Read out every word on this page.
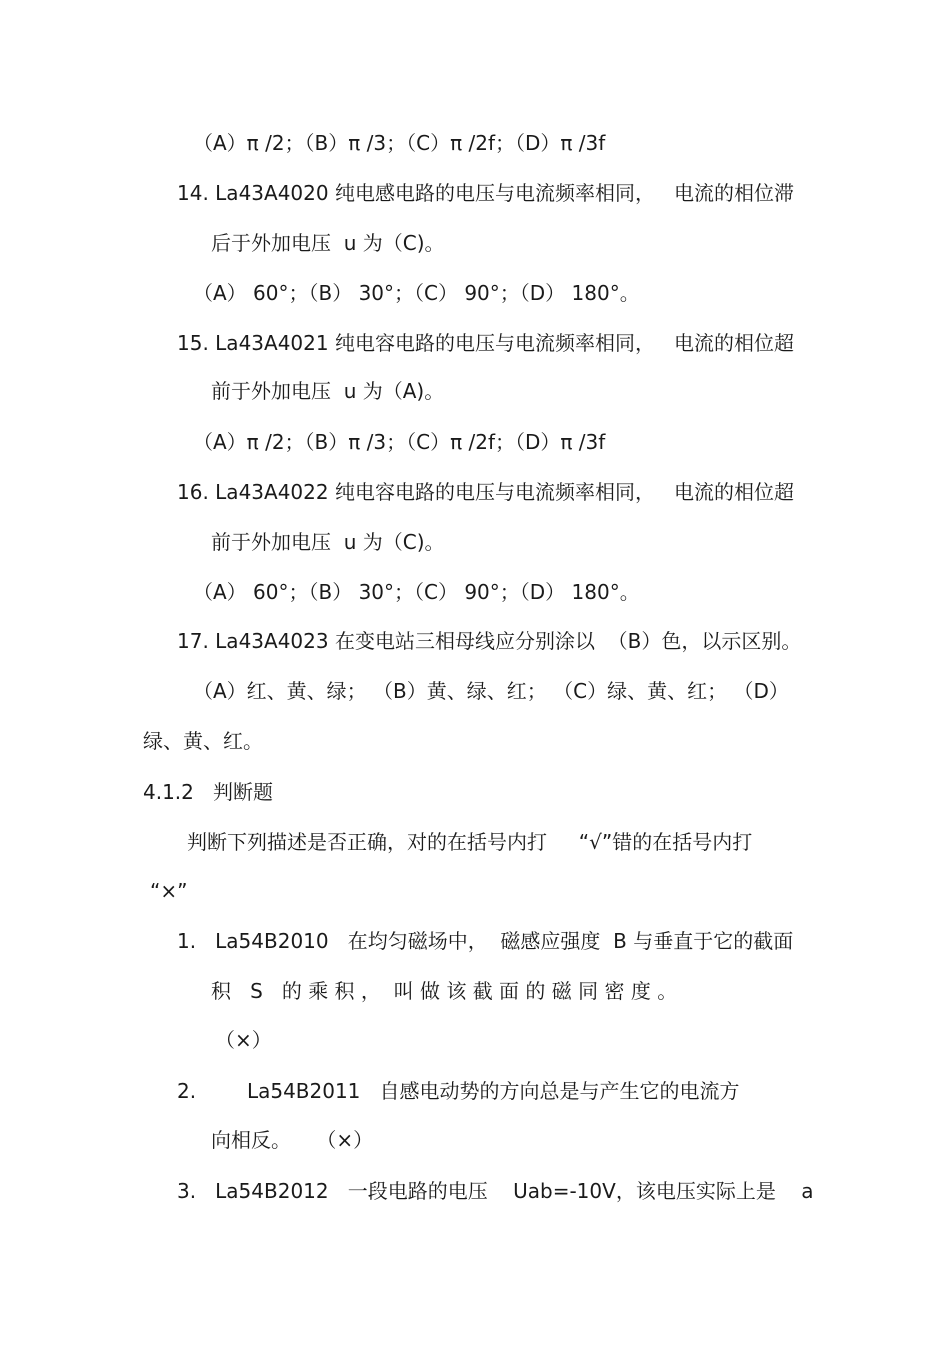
（A）π /2；（B）π /3；（C）π /2f；（D）π /3f
14. La43A4020 纯电感电路的电压与电流频率相同，   电流的相位滞
后于外加电压  u 为（C)。
（A） 60°；（B） 30°；（C） 90°；（D） 180°。
15. La43A4021 纯电容电路的电压与电流频率相同，   电流的相位超
前于外加电压  u 为（A)。
（A）π /2；（B）π /3；（C）π /2f；（D）π /3f
16. La43A4022 纯电容电路的电压与电流频率相同，   电流的相位超
前于外加电压  u 为（C)。
（A） 60°；（B） 30°；（C） 90°；（D） 180°。
17. La43A4023 在变电站三相母线应分别涂以  （B）色，以示区别。
（A）红、黄、绿； （B）黄、绿、红； （C）绿、黄、红； （D）
绿、黄、红。
4.1.2   判断题
判断下列描述是否正确，对的在括号内打     “√”错的在括号内打
“×”
1.   La54B2010   在均匀磁场中，  磁感应强度  B 与垂直于它的截面
积   S   的 乘 积 ，  叫 做 该 截 面 的 磁 同 密 度 。
（×）
2.        La54B2011   自感电动势的方向总是与产生它的电流方
向相反。    （×）
3.   La54B2012   一段电路的电压    Uab=-10V，该电压实际上是    a
